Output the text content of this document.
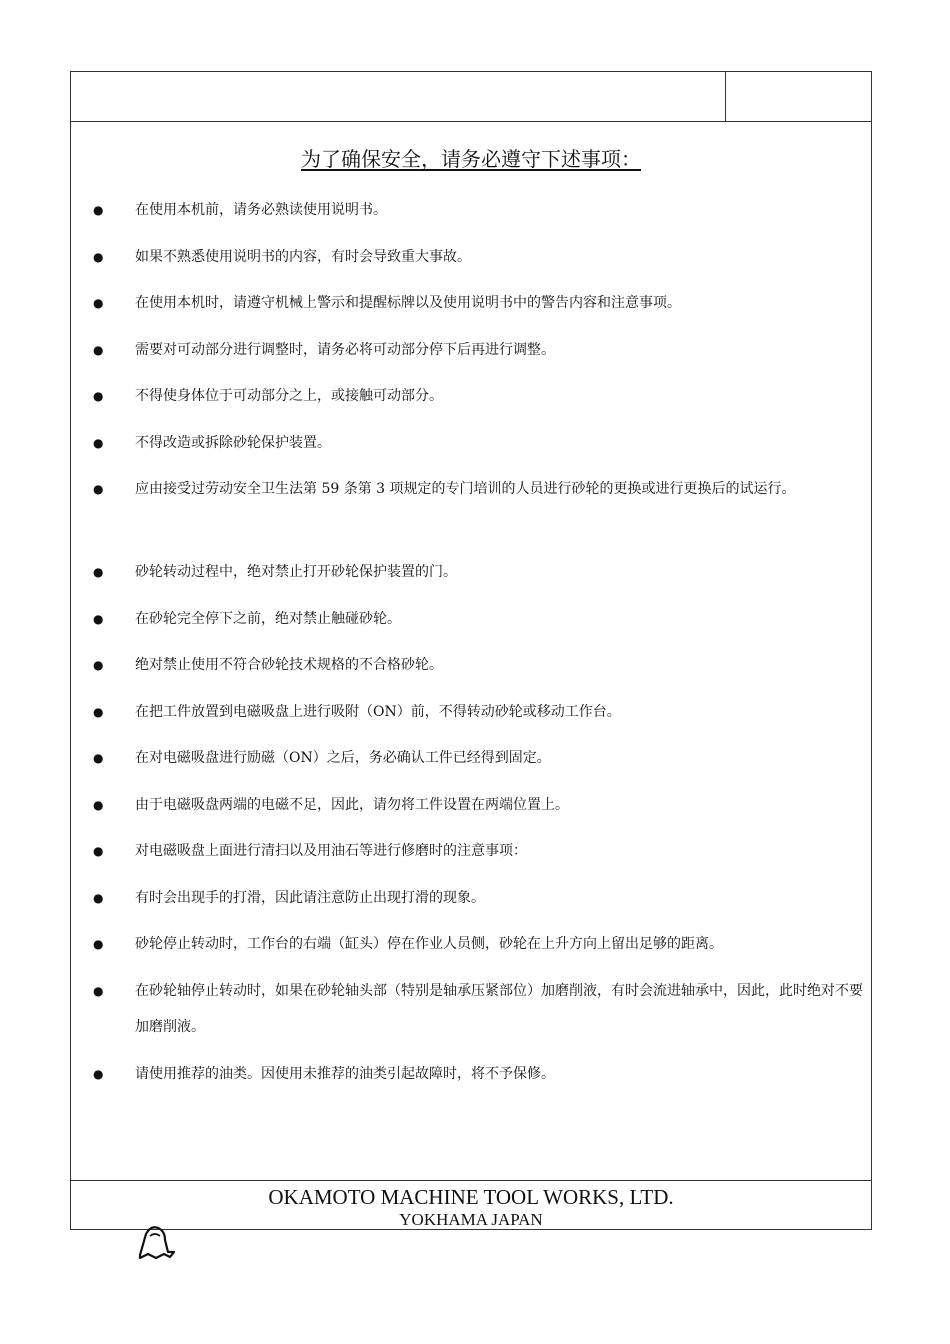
为了确保安全，请务必遵守下述事项：
● 在使用本机前，请务必熟读使用说明书。
● 如果不熟悉使用说明书的内容，有时会导致重大事故。
● 在使用本机时，请遵守机械上警示和提醒标牌以及使用说明书中的警告内容和注意事项。
● 需要对可动部分进行调整时，请务必将可动部分停下后再进行调整。
● 不得使身体位于可动部分之上，或接触可动部分。
● 不得改造或拆除砂轮保护装置。
● 应由接受过劳动安全卫生法第 59 条第 3 项规定的专门培训的人员进行砂轮的更换或进行更换后的试运行。
● 砂轮转动过程中，绝对禁止打开砂轮保护装置的门。
● 在砂轮完全停下之前，绝对禁止触碰砂轮。
● 绝对禁止使用不符合砂轮技术规格的不合格砂轮。
● 在把工件放置到电磁吸盘上进行吸附（ON）前，不得转动砂轮或移动工作台。
● 在对电磁吸盘进行励磁（ON）之后，务必确认工件已经得到固定。
● 由于电磁吸盘两端的电磁不足，因此，请勿将工件设置在两端位置上。
● 对电磁吸盘上面进行清扫以及用油石等进行修磨时的注意事项：
● 有时会出现手的打滑，因此请注意防止出现打滑的现象。
● 砂轮停止转动时，工作台的右端（缸头）停在作业人员侧，砂轮在上升方向上留出足够的距离。
● 在砂轮轴停止转动时，如果在砂轮轴头部（特别是轴承压紧部位）加磨削液，有时会流进轴承中，因此，此时绝对不要加磨削液。
● 请使用推荐的油类。因使用未推荐的油类引起故障时，将不予保修。
OKAMOTO MACHINE TOOL WORKS, LTD.
YOKHAMA JAPAN
